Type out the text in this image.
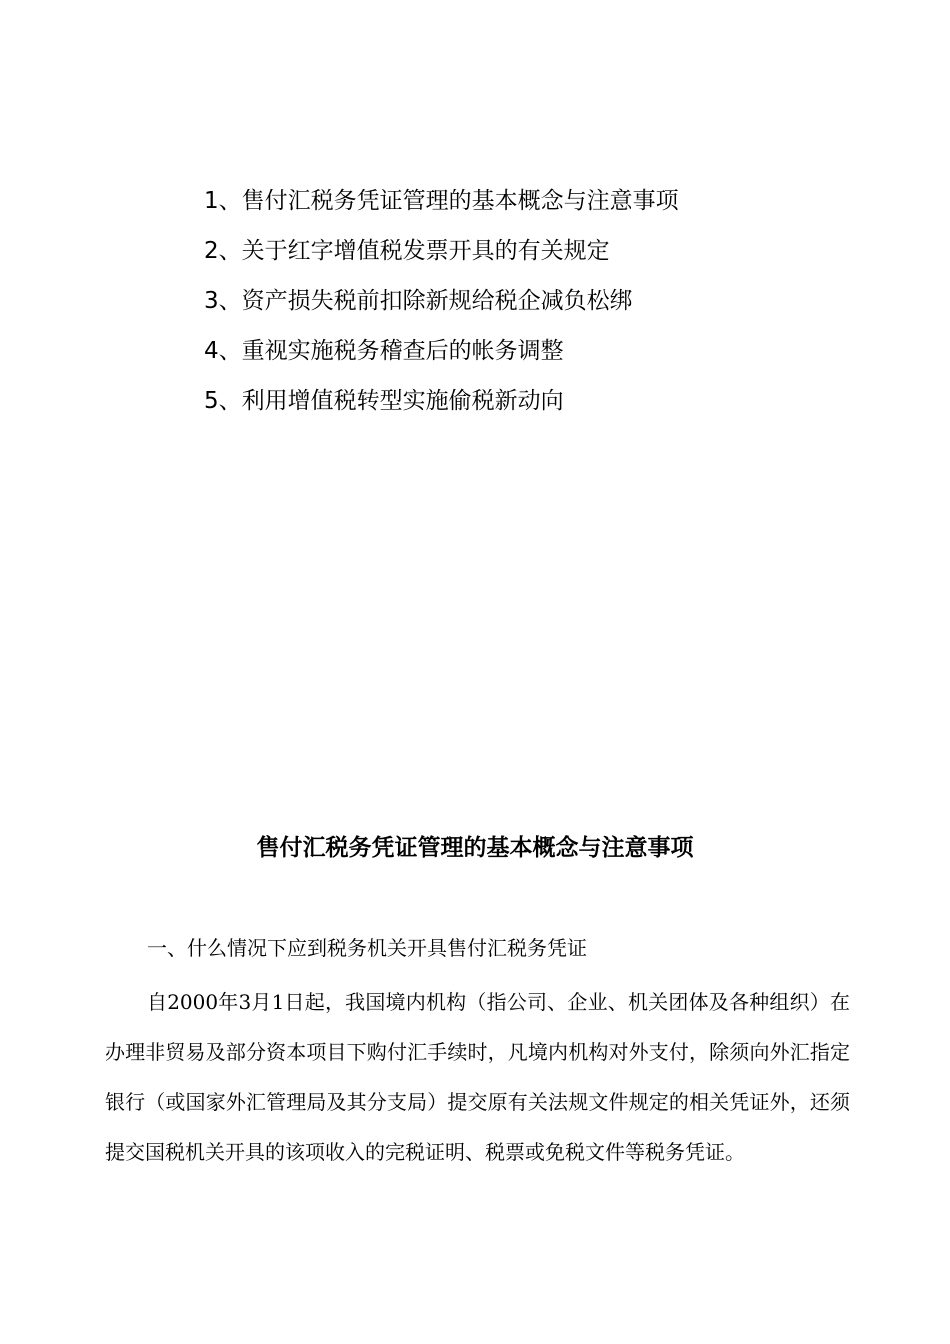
1、售付汇税务凭证管理的基本概念与注意事项
2、关于红字增值税发票开具的有关规定
3、资产损失税前扣除新规给税企减负松绑
4、重视实施税务稽查后的帐务调整
5、利用增值税转型实施偷税新动向
售付汇税务凭证管理的基本概念与注意事项

一、什么情况下应到税务机关开具售付汇税务凭证

自2000年3月1日起，我国境内机构（指公司、企业、机关团体及各种组织）在办理非贸易及部分资本项目下购付汇手续时，凡境内机构对外支付，除须向外汇指定银行（或国家外汇管理局及其分支局）提交原有关法规文件规定的相关凭证外，还须提交国税机关开具的该项收入的完税证明、税票或免税文件等税务凭证。
